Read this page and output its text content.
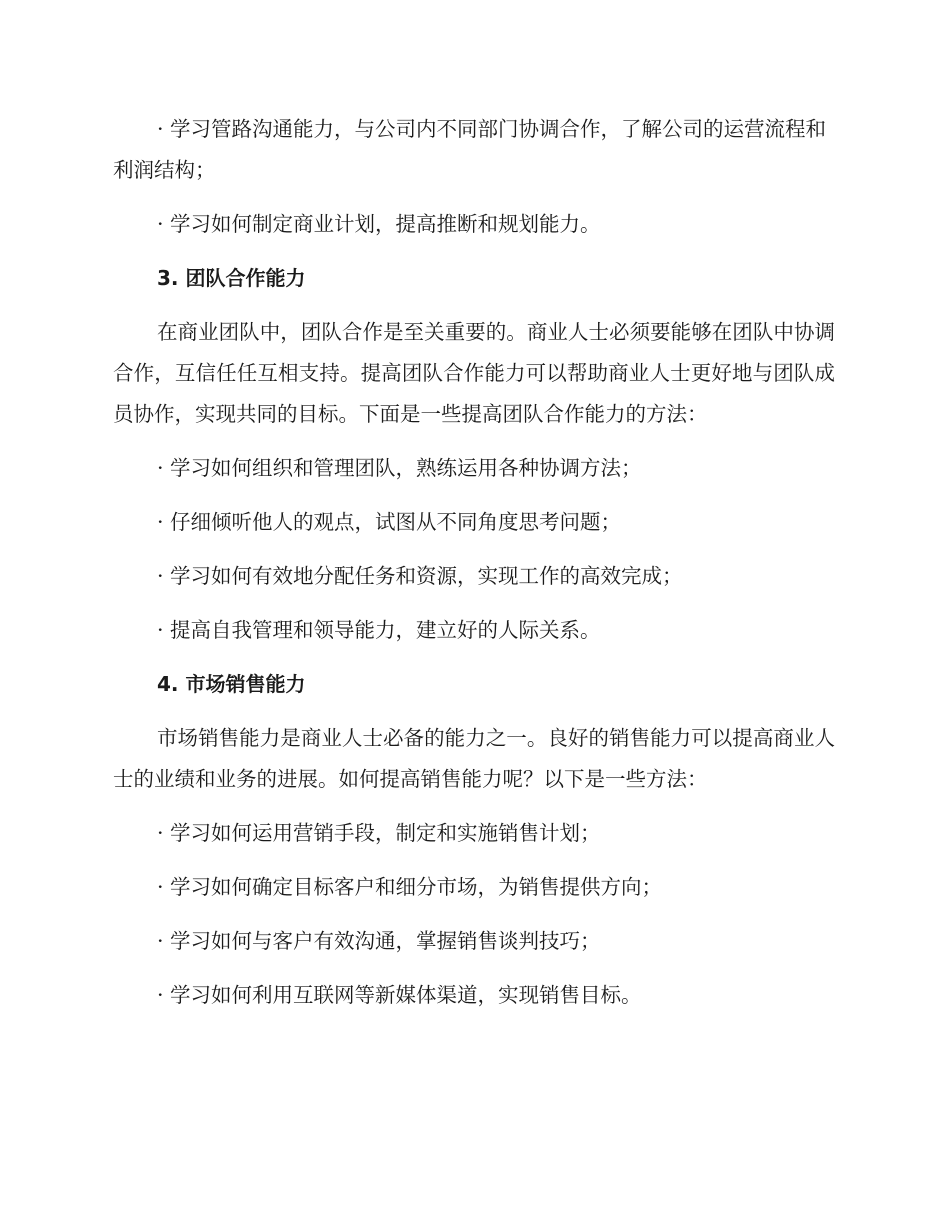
· 学习管路沟通能力，与公司内不同部门协调合作，了解公司的运营流程和利润结构；
· 学习如何制定商业计划，提高推断和规划能力。
3. 团队合作能力
在商业团队中，团队合作是至关重要的。商业人士必须要能够在团队中协调合作，互信任任互相支持。提高团队合作能力可以帮助商业人士更好地与团队成员协作，实现共同的目标。下面是一些提高团队合作能力的方法：
· 学习如何组织和管理团队，熟练运用各种协调方法；
· 仔细倾听他人的观点，试图从不同角度思考问题；
· 学习如何有效地分配任务和资源，实现工作的高效完成；
· 提高自我管理和领导能力，建立好的人际关系。
4. 市场销售能力
市场销售能力是商业人士必备的能力之一。良好的销售能力可以提高商业人士的业绩和业务的进展。如何提高销售能力呢？以下是一些方法：
· 学习如何运用营销手段，制定和实施销售计划；
· 学习如何确定目标客户和细分市场，为销售提供方向；
· 学习如何与客户有效沟通，掌握销售谈判技巧；
· 学习如何利用互联网等新媒体渠道，实现销售目标。
